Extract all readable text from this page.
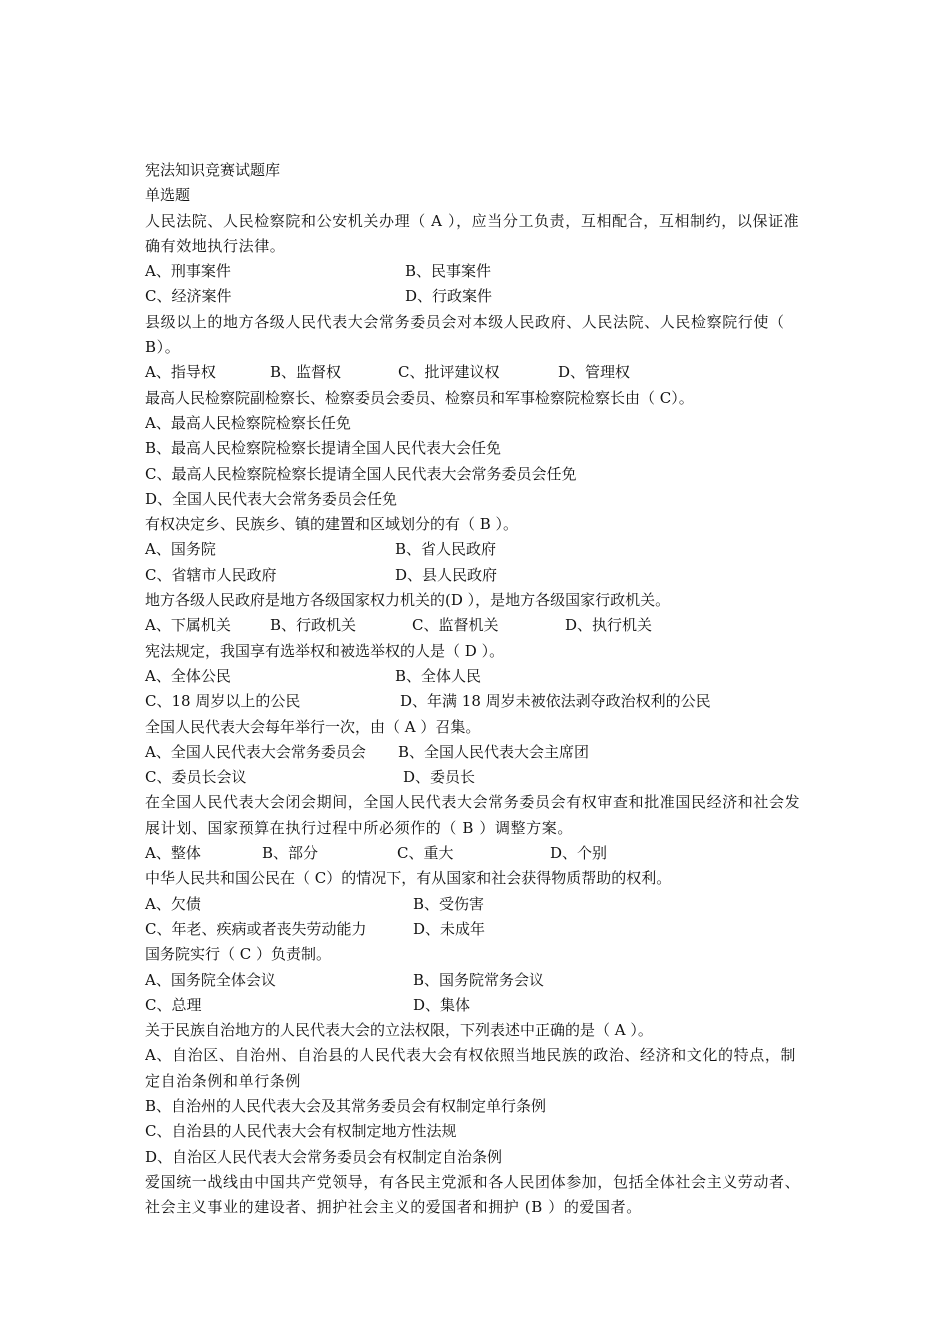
宪法知识竞赛试题库
单选题
人民法院、人民检察院和公安机关办理（ A ），应当分工负责，互相配合，互相制约，以保证准确有效地执行法律。
A、刑事案件	B、民事案件
C、经济案件	D、行政案件
县级以上的地方各级人民代表大会常务委员会对本级人民政府、人民法院、人民检察院行使（ B）。
A、指导权	B、监督权	C、批评建议权	D、管理权
最高人民检察院副检察长、检察委员会委员、检察员和军事检察院检察长由（ C）。
A、最高人民检察院检察长任免
B、最高人民检察院检察长提请全国人民代表大会任免
C、最高人民检察院检察长提请全国人民代表大会常务委员会任免
D、全国人民代表大会常务委员会任免
有权决定乡、民族乡、镇的建置和区域划分的有（ B ）。
A、国务院	B、省人民政府
C、省辖市人民政府	D、县人民政府
地方各级人民政府是地方各级国家权力机关的(D ），是地方各级国家行政机关。
A、下属机关	B、行政机关	C、监督机关	D、执行机关
宪法规定，我国享有选举权和被选举权的人是（ D ）。
A、全体公民	B、全体人民
C、18 周岁以上的公民	D、年满 18 周岁未被依法剥夺政治权利的公民
全国人民代表大会每年举行一次，由（ A ）召集。
A、全国人民代表大会常务委员会	B、全国人民代表大会主席团
C、委员长会议	D、委员长
在全国人民代表大会闭会期间，全国人民代表大会常务委员会有权审查和批准国民经济和社会发展计划、国家预算在执行过程中所必须作的（ B ）调整方案。
A、整体	B、部分	C、重大	D、个别
中华人民共和国公民在（ C）的情况下，有从国家和社会获得物质帮助的权利。
A、欠债	B、受伤害
C、年老、疾病或者丧失劳动能力	D、未成年
国务院实行（ C ）负责制。
A、国务院全体会议	B、国务院常务会议
C、总理	D、集体
关于民族自治地方的人民代表大会的立法权限，下列表述中正确的是（ A ）。
A、自治区、自治州、自治县的人民代表大会有权依照当地民族的政治、经济和文化的特点，制定自治条例和单行条例
B、自治州的人民代表大会及其常务委员会有权制定单行条例
C、自治县的人民代表大会有权制定地方性法规
D、自治区人民代表大会常务委员会有权制定自治条例
爱国统一战线由中国共产党领导，有各民主党派和各人民团体参加，包括全体社会主义劳动者、社会主义事业的建设者、拥护社会主义的爱国者和拥护 (B ）的爱国者。
